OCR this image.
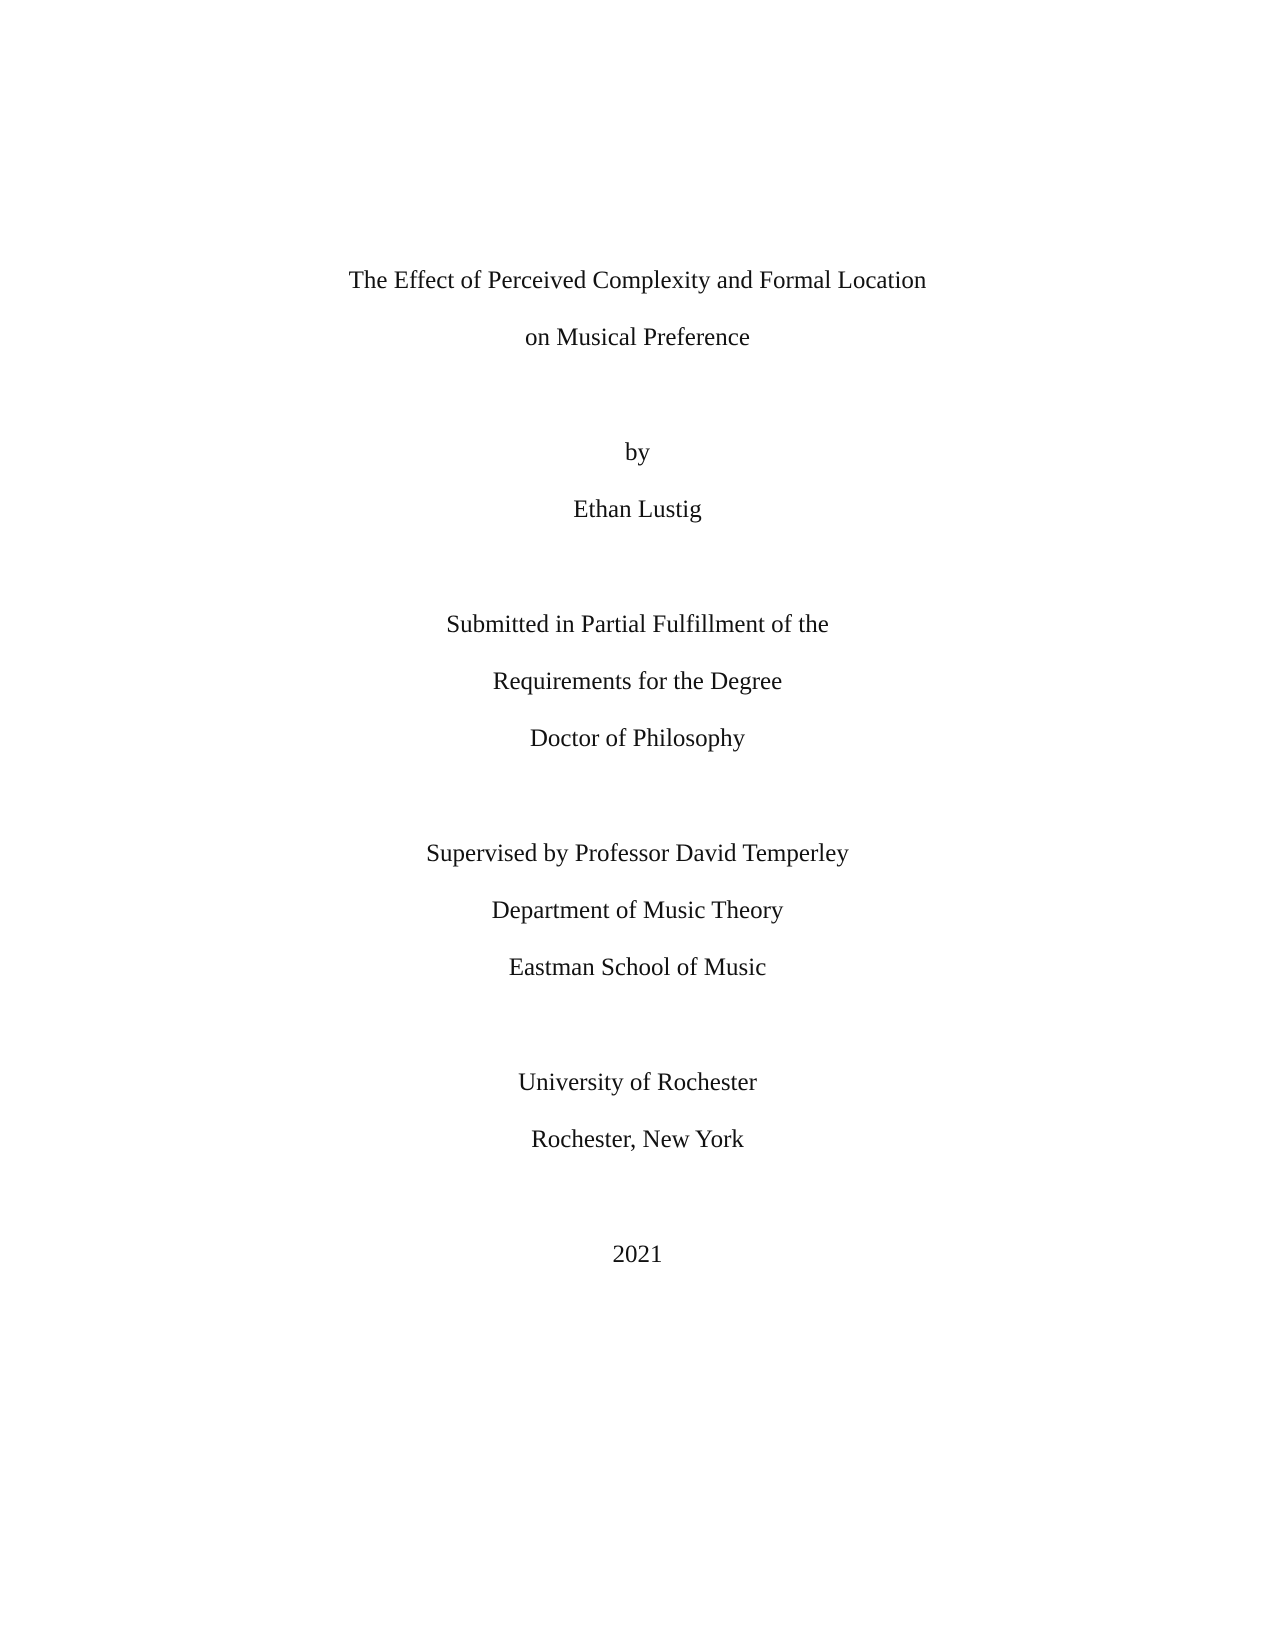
The Effect of Perceived Complexity and Formal Location
on Musical Preference
by
Ethan Lustig
Submitted in Partial Fulfillment of the
Requirements for the Degree
Doctor of Philosophy
Supervised by Professor David Temperley
Department of Music Theory
Eastman School of Music
University of Rochester
Rochester, New York
2021
